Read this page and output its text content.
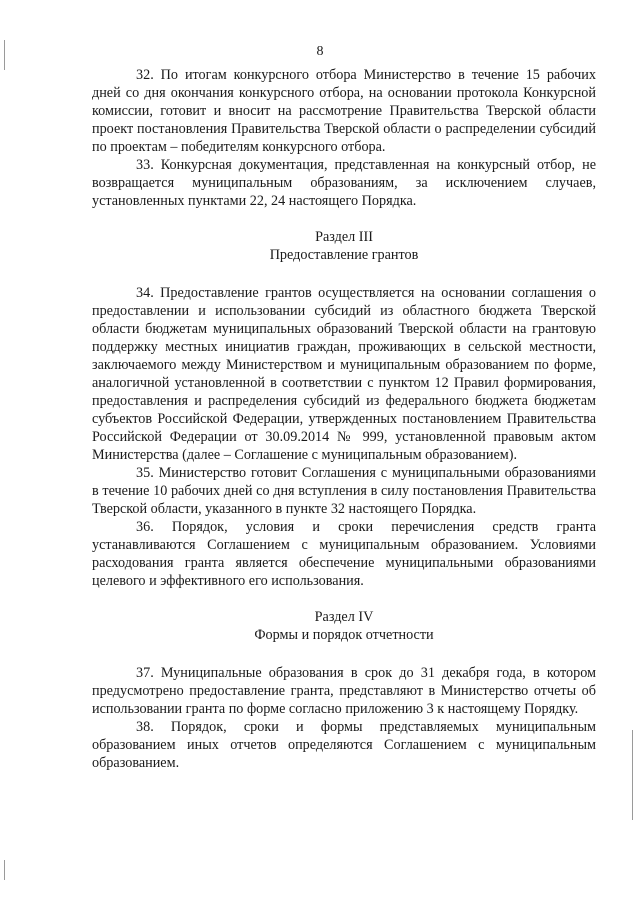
8

32. По итогам конкурсного отбора Министерство в течение 15 рабочих дней со дня окончания конкурсного отбора, на основании протокола Конкурсной комиссии, готовит и вносит на рассмотрение Правительства Тверской области проект постановления Правительства Тверской области о распределении субсидий по проектам – победителям конкурсного отбора.

33. Конкурсная документация, представленная на конкурсный отбор, не возвращается муниципальным образованиям, за исключением случаев, установленных пунктами 22, 24 настоящего Порядка.

Раздел III
Предоставление грантов

34. Предоставление грантов осуществляется на основании соглашения о предоставлении и использовании субсидий из областного бюджета Тверской области бюджетам муниципальных образований Тверской области на грантовую поддержку местных инициатив граждан, проживающих в сельской местности, заключаемого между Министерством и муниципальным образованием по форме, аналогичной установленной в соответствии с пунктом 12 Правил формирования, предоставления и распределения субсидий из федерального бюджета бюджетам субъектов Российской Федерации, утвержденных постановлением Правительства Российской Федерации от 30.09.2014 № 999, установленной правовым актом Министерства (далее – Соглашение с муниципальным образованием).

35. Министерство готовит Соглашения с муниципальными образованиями в течение 10 рабочих дней со дня вступления в силу постановления Правительства Тверской области, указанного в пункте 32 настоящего Порядка.

36. Порядок, условия и сроки перечисления средств гранта устанавливаются Соглашением с муниципальным образованием. Условиями расходования гранта является обеспечение муниципальными образованиями целевого и эффективного его использования.

Раздел IV
Формы и порядок отчетности

37. Муниципальные образования в срок до 31 декабря года, в котором предусмотрено предоставление гранта, представляют в Министерство отчеты об использовании гранта по форме согласно приложению 3 к настоящему Порядку.

38. Порядок, сроки и формы представляемых муниципальным образованием иных отчетов определяются Соглашением с муниципальным образованием.
